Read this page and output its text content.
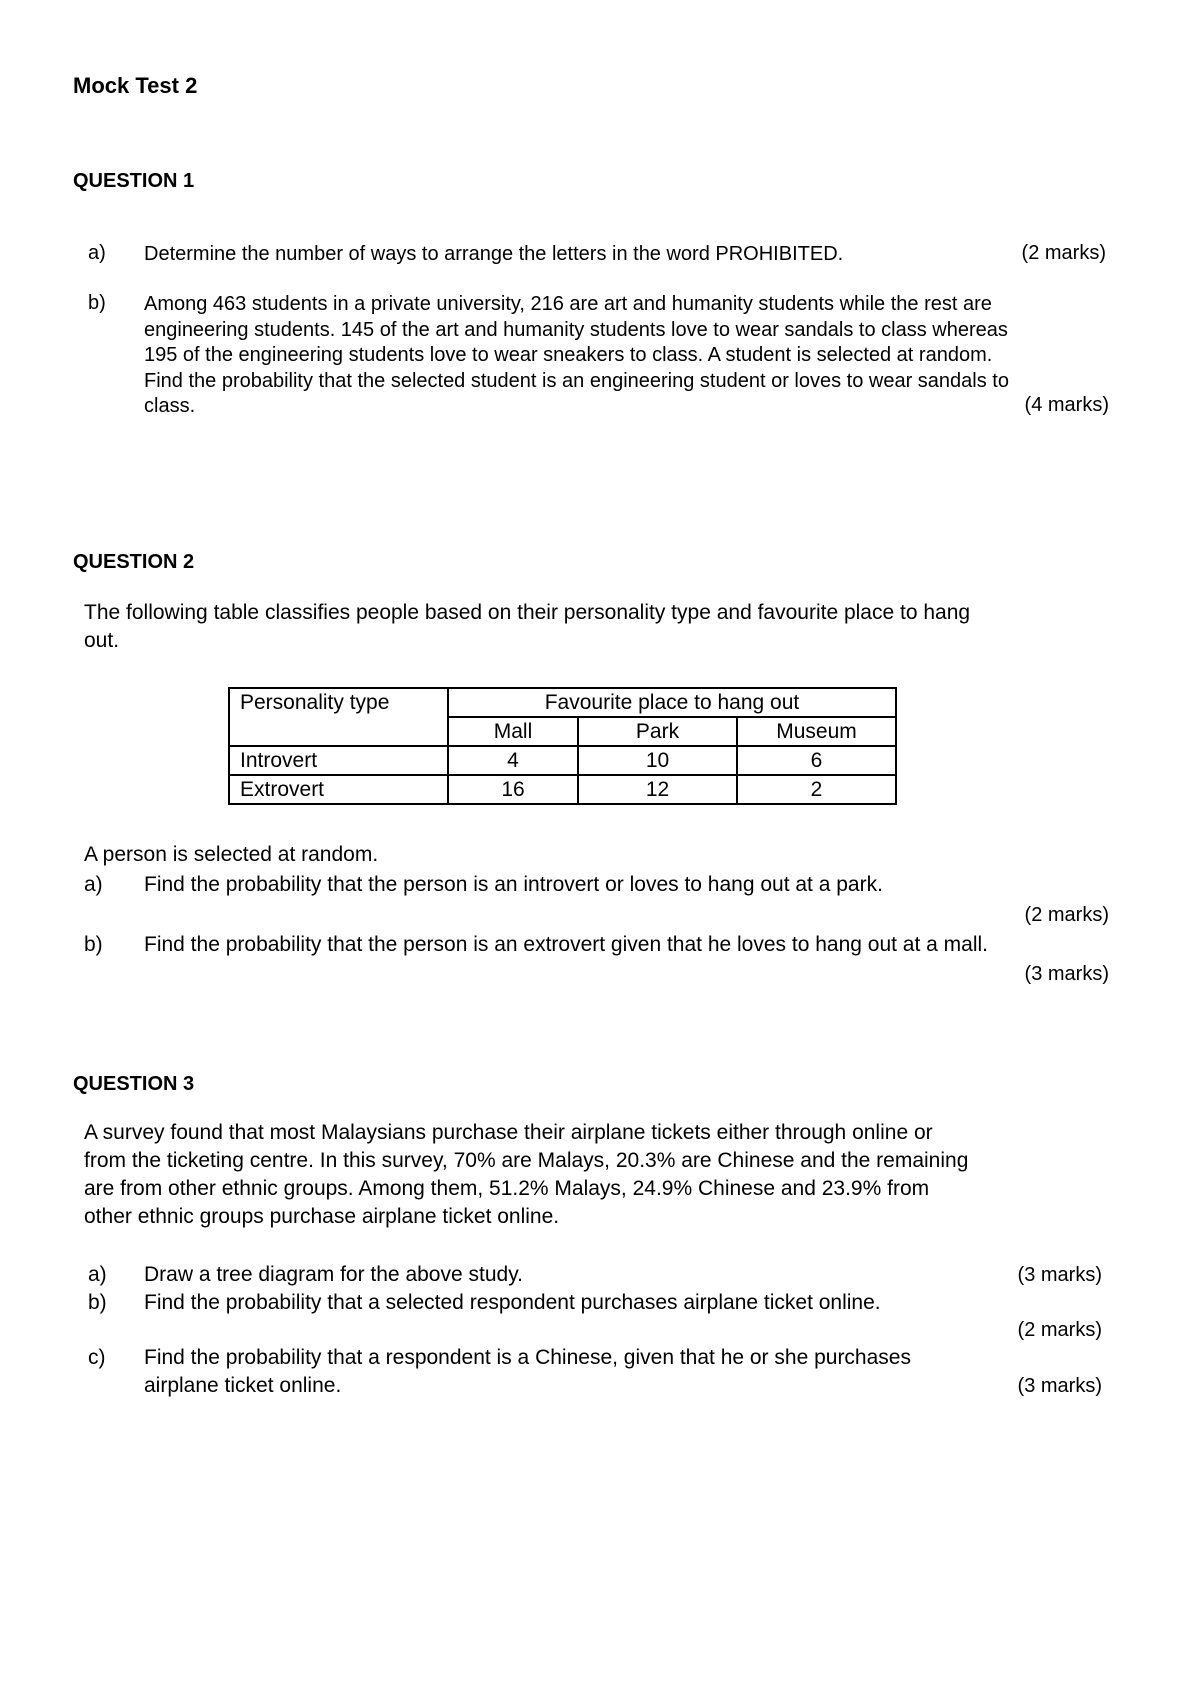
Mock Test 2
QUESTION 1
a) Determine the number of ways to arrange the letters in the word PROHIBITED.	(2 marks)
b) Among 463 students in a private university, 216 are art and humanity students while the rest are
engineering students. 145 of the art and humanity students love to wear sandals to class whereas
195 of the engineering students love to wear sneakers to class. A student is selected at random.
Find the probability that the selected student is an engineering student or loves to wear sandals to
class.	(4 marks)
QUESTION 2
The following table classifies people based on their personality type and favourite place to hang
out.
Personality type	Favourite place to hang out		
	Mall	Park	Museum
Introvert	4	10	6
Extrovert	16	12	2
A person is selected at random.
a) Find the probability that the person is an introvert or loves to hang out at a park.
(2 marks)
b) Find the probability that the person is an extrovert given that he loves to hang out at a mall.
(3 marks)
QUESTION 3
A survey found that most Malaysians purchase their airplane tickets either through online or
from the ticketing centre. In this survey, 70% are Malays, 20.3% are Chinese and the remaining
are from other ethnic groups. Among them, 51.2% Malays, 24.9% Chinese and 23.9% from
other ethnic groups purchase airplane ticket online.
a) Draw a tree diagram for the above study.	(3 marks)
b) Find the probability that a selected respondent purchases airplane ticket online.
(2 marks)
c) Find the probability that a respondent is a Chinese, given that he or she purchases
airplane ticket online.	(3 marks)
